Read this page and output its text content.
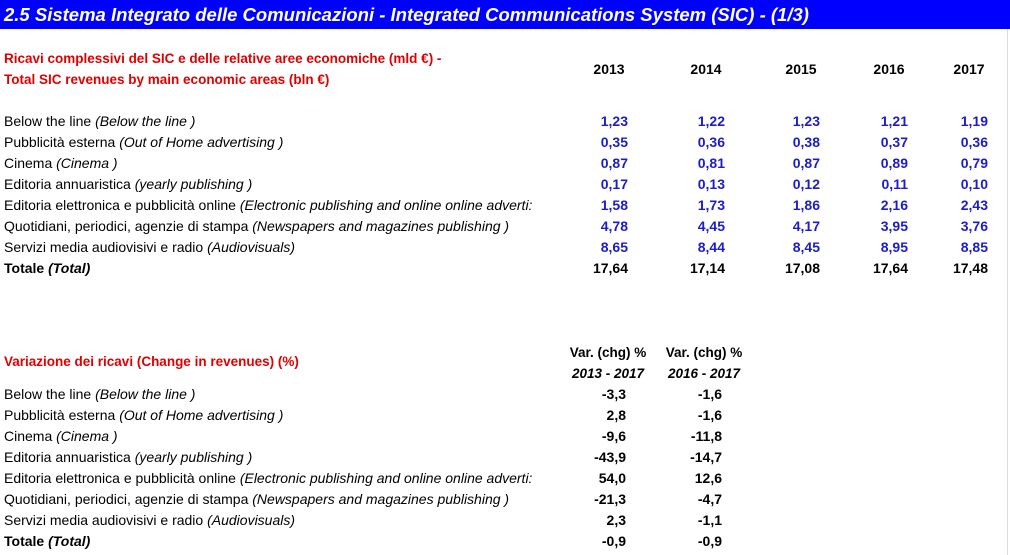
2.5 Sistema Integrato delle Comunicazioni - Integrated Communications System (SIC) - (1/3)
Ricavi complessivi del SIC e delle relative aree economiche (mld €) -
Total SIC revenues by main economic areas (bln €)
2013	2014	2015	2016	2017
Below the line (Below the line )	1,23	1,22	1,23	1,21	1,19
Pubblicità esterna (Out of Home advertising )	0,35	0,36	0,38	0,37	0,36
Cinema (Cinema )	0,87	0,81	0,87	0,89	0,79
Editoria annuaristica (yearly publishing )	0,17	0,13	0,12	0,11	0,10
Editoria elettronica e pubblicità online (Electronic publishing and online online adverti:	1,58	1,73	1,86	2,16	2,43
Quotidiani, periodici, agenzie di stampa (Newspapers and magazines publishing )	4,78	4,45	4,17	3,95	3,76
Servizi media audiovisivi e radio (Audiovisuals)	8,65	8,44	8,45	8,95	8,85
Totale (Total)	17,64	17,14	17,08	17,64	17,48
Variazione dei ricavi (Change in revenues) (%)
Var. (chg) %
2013 - 2017
Var. (chg) %
2016 - 2017
Below the line (Below the line )	-3,3	-1,6
Pubblicità esterna (Out of Home advertising )	2,8	-1,6
Cinema (Cinema )	-9,6	-11,8
Editoria annuaristica (yearly publishing )	-43,9	-14,7
Editoria elettronica e pubblicità online (Electronic publishing and online online adverti:	54,0	12,6
Quotidiani, periodici, agenzie di stampa (Newspapers and magazines publishing )	-21,3	-4,7
Servizi media audiovisivi e radio (Audiovisuals)	2,3	-1,1
Totale (Total)	-0,9	-0,9
